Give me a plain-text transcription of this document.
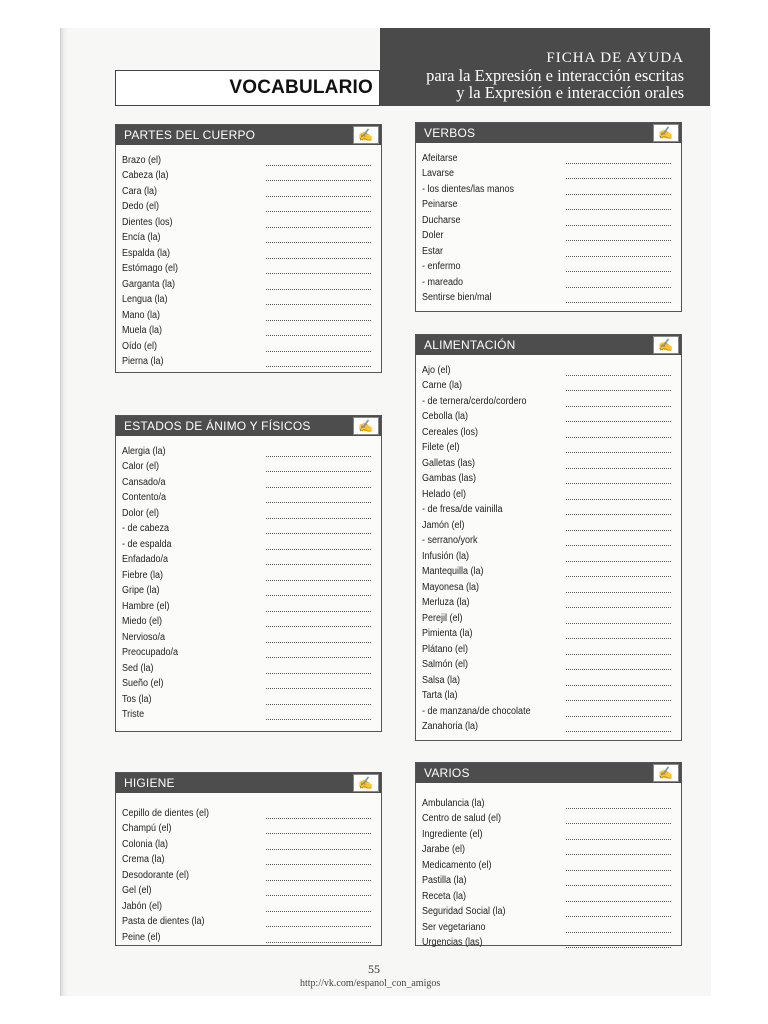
VOCABULARIO
FICHA DE AYUDA
para la Expresión e interacción escritas
y la Expresión e interacción orales
PARTES DEL CUERPO	✍
Brazo (el)
Cabeza (la)
Cara (la)
Dedo (el)
Dientes (los)
Encía (la)
Espalda (la)
Estómago (el)
Garganta (la)
Lengua (la)
Mano (la)
Muela (la)
Oído (el)
Pierna (la)
ESTADOS DE ÁNIMO Y FÍSICOS	✍
Alergia (la)
Calor (el)
Cansado/a
Contento/a
Dolor (el)
- de cabeza
- de espalda
Enfadado/a
Fiebre (la)
Gripe (la)
Hambre (el)
Miedo (el)
Nervioso/a
Preocupado/a
Sed (la)
Sueño (el)
Tos (la)
Triste
HIGIENE	✍
Cepillo de dientes (el)
Champú (el)
Colonia (la)
Crema (la)
Desodorante (el)
Gel (el)
Jabón (el)
Pasta de dientes (la)
Peine (el)
VERBOS	✍
Afeitarse
Lavarse
- los dientes/las manos
Peinarse
Ducharse
Doler
Estar
- enfermo
- mareado
Sentirse bien/mal
ALIMENTACIÓN	✍
Ajo (el)
Carne (la)
- de ternera/cerdo/cordero
Cebolla (la)
Cereales (los)
Filete (el)
Galletas (las)
Gambas (las)
Helado (el)
- de fresa/de vainilla
Jamón (el)
- serrano/york
Infusión (la)
Mantequilla (la)
Mayonesa (la)
Merluza (la)
Perejil (el)
Pimienta (la)
Plátano (el)
Salmón (el)
Salsa (la)
Tarta (la)
- de manzana/de chocolate
Zanahoria (la)
VARIOS	✍
Ambulancia (la)
Centro de salud (el)
Ingrediente (el)
Jarabe (el)
Medicamento (el)
Pastilla (la)
Receta (la)
Seguridad Social (la)
Ser vegetariano
Urgencias (las)
55
http://vk.com/espanol_con_amigos
